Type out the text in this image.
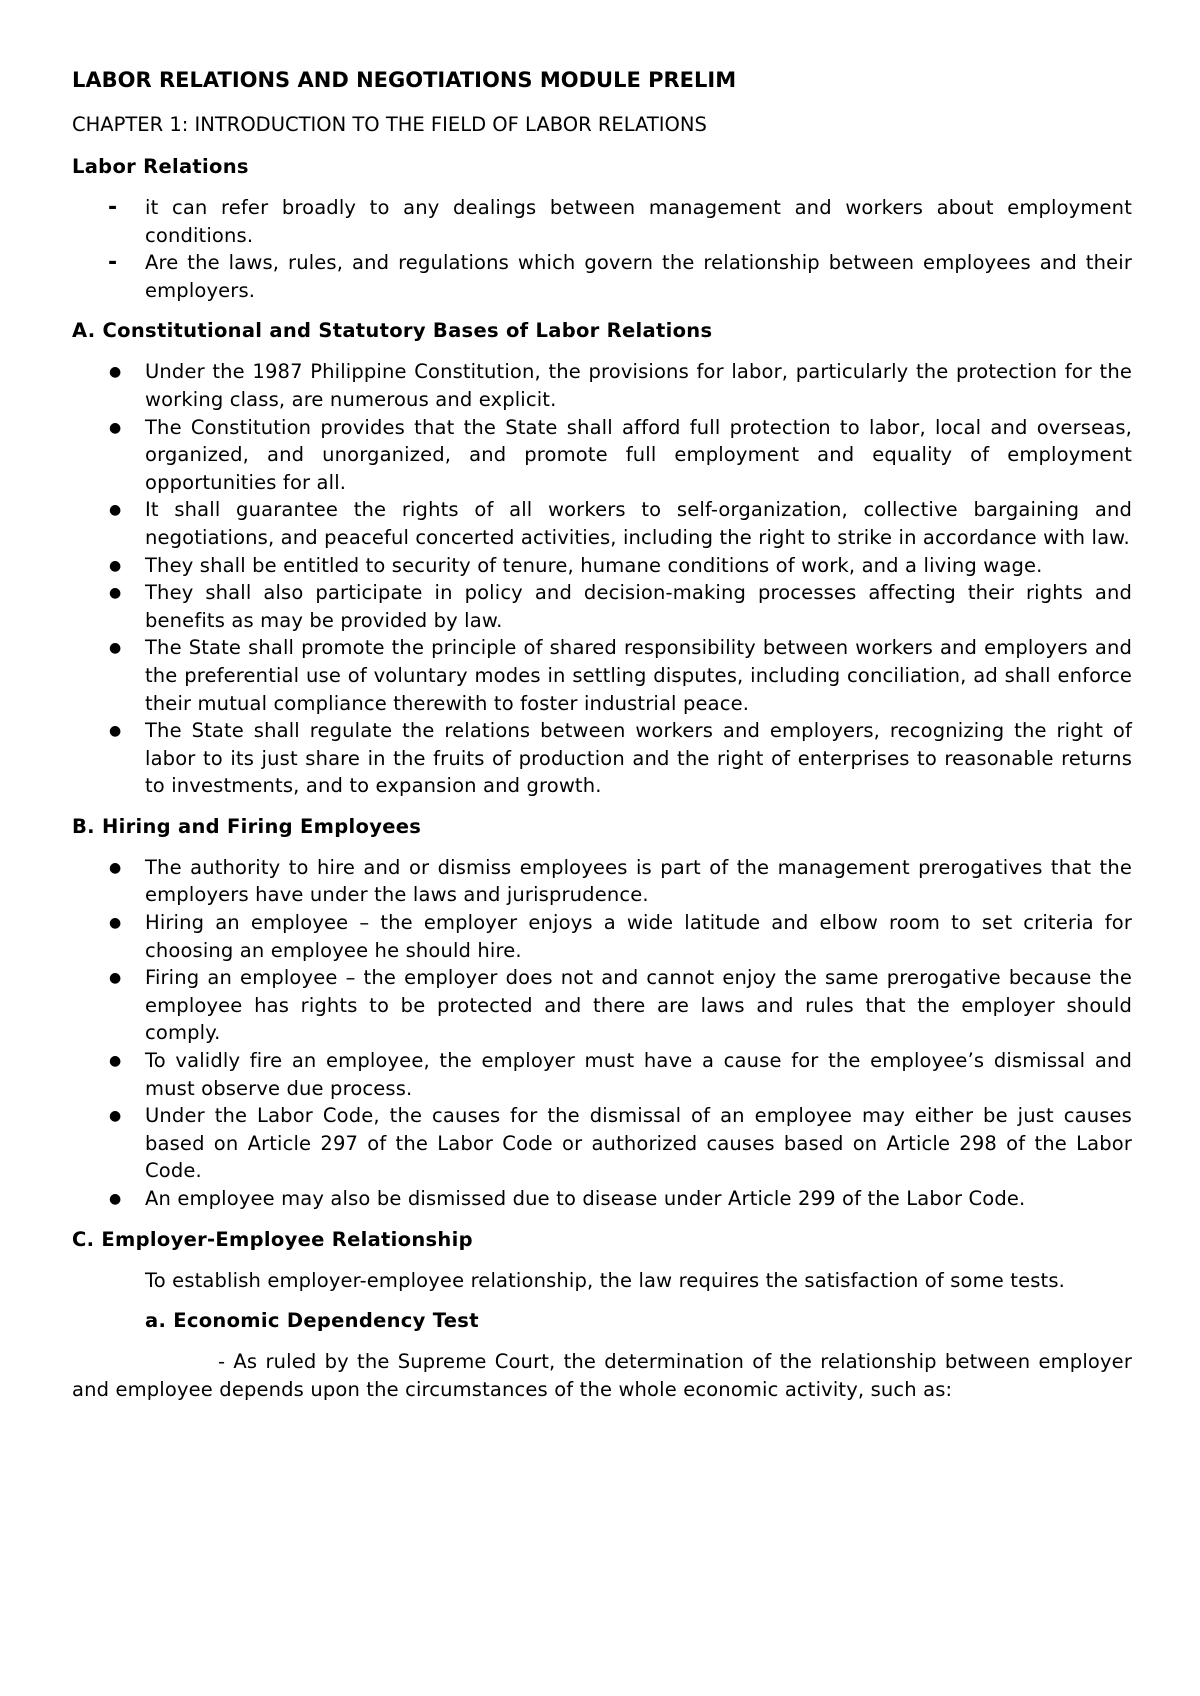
LABOR RELATIONS AND NEGOTIATIONS MODULE PRELIM
CHAPTER 1: INTRODUCTION TO THE FIELD OF LABOR RELATIONS
Labor Relations
- it can refer broadly to any dealings between management and workers about employment conditions.
- Are the laws, rules, and regulations which govern the relationship between employees and their employers.
A. Constitutional and Statutory Bases of Labor Relations
● Under the 1987 Philippine Constitution, the provisions for labor, particularly the protection for the working class, are numerous and explicit.
● The Constitution provides that the State shall afford full protection to labor, local and overseas, organized, and unorganized, and promote full employment and equality of employment opportunities for all.
● It shall guarantee the rights of all workers to self-organization, collective bargaining and negotiations, and peaceful concerted activities, including the right to strike in accordance with law.
● They shall be entitled to security of tenure, humane conditions of work, and a living wage.
● They shall also participate in policy and decision-making processes affecting their rights and benefits as may be provided by law.
● The State shall promote the principle of shared responsibility between workers and employers and the preferential use of voluntary modes in settling disputes, including conciliation, ad shall enforce their mutual compliance therewith to foster industrial peace.
● The State shall regulate the relations between workers and employers, recognizing the right of labor to its just share in the fruits of production and the right of enterprises to reasonable returns to investments, and to expansion and growth.
B. Hiring and Firing Employees
● The authority to hire and or dismiss employees is part of the management prerogatives that the employers have under the laws and jurisprudence.
● Hiring an employee – the employer enjoys a wide latitude and elbow room to set criteria for choosing an employee he should hire.
● Firing an employee – the employer does not and cannot enjoy the same prerogative because the employee has rights to be protected and there are laws and rules that the employer should comply.
● To validly fire an employee, the employer must have a cause for the employee’s dismissal and must observe due process.
● Under the Labor Code, the causes for the dismissal of an employee may either be just causes based on Article 297 of the Labor Code or authorized causes based on Article 298 of the Labor Code.
● An employee may also be dismissed due to disease under Article 299 of the Labor Code.
C. Employer-Employee Relationship

To establish employer-employee relationship, the law requires the satisfaction of some tests.

a. Economic Dependency Test

- As ruled by the Supreme Court, the determination of the relationship between employer and employee depends upon the circumstances of the whole economic activity, such as:
